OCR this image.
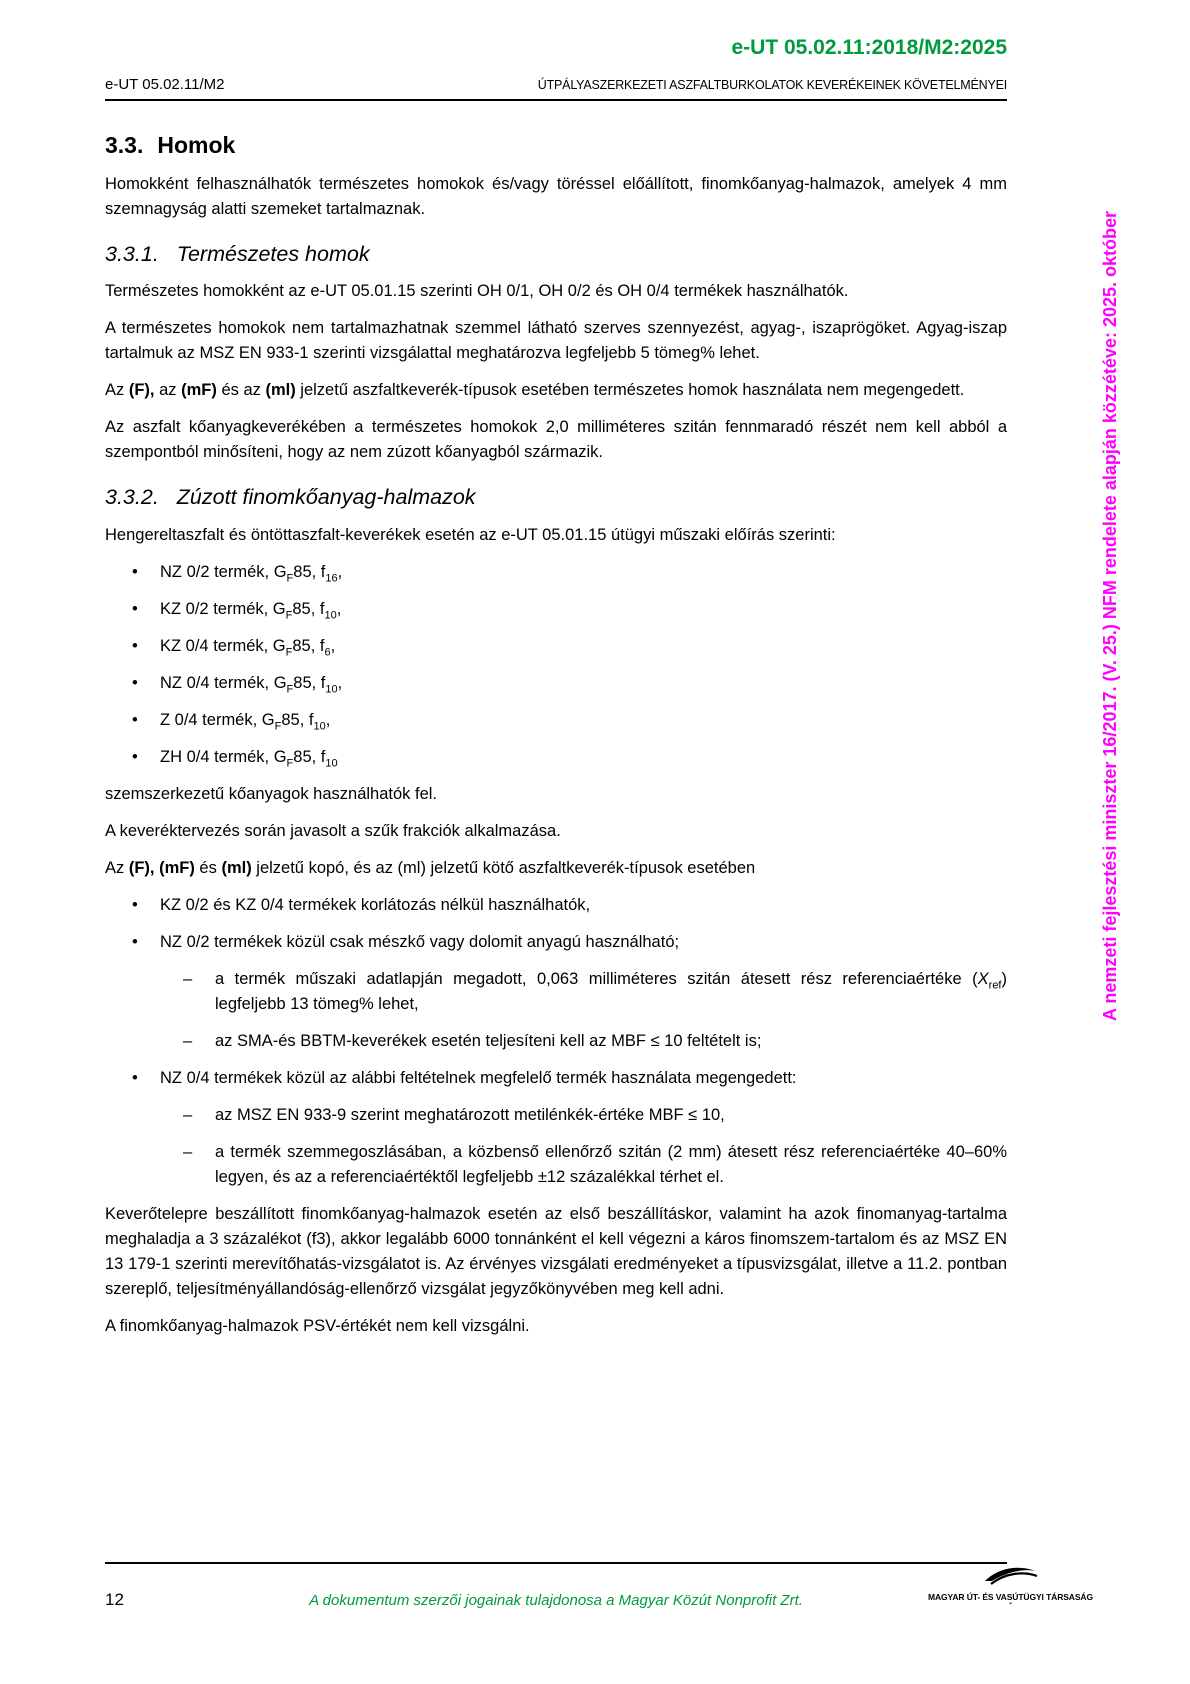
e-UT 05.02.11:2018/M2:2025
e-UT 05.02.11/M2	ÚTPÁLYASZERKEZETI ASZFALTBURKOLATOK KEVERÉKEINEK KÖVETELMÉNYEI
3.3. Homok

Homokként felhasználhatók természetes homokok és/vagy töréssel előállított, finomkőanyag-halmazok, amelyek 4 mm szemnagyság alatti szemeket tartalmaznak.

3.3.1. Természetes homok

Természetes homokként az e-UT 05.01.15 szerinti OH 0/1, OH 0/2 és OH 0/4 termékek használhatók.

A természetes homokok nem tartalmazhatnak szemmel látható szerves szennyezést, agyag-, iszaprögöket. Agyag-iszap tartalmuk az MSZ EN 933-1 szerinti vizsgálattal meghatározva legfeljebb 5 tömeg% lehet.

Az (F), az (mF) és az (ml) jelzetű aszfaltkeverék-típusok esetében természetes homok használata nem megengedett.

Az aszfalt kőanyagkeverékében a természetes homokok 2,0 milliméteres szitán fennmaradó részét nem kell abból a szempontból minősíteni, hogy az nem zúzott kőanyagból származik.

3.3.2. Zúzott finomkőanyag-halmazok

Hengereltaszfalt és öntöttaszfalt-keverékek esetén az e-UT 05.01.15 útügyi műszaki előírás szerinti:

•	NZ 0/2 termék, $G_F85$, $f_{16}$,
•	KZ 0/2 termék, $G_F85$, $f_{10}$,
•	KZ 0/4 termék, $G_F85$, $f_6$,
•	NZ 0/4 termék, $G_F85$, $f_{10}$,
•	Z 0/4 termék, $G_F85$, $f_{10}$,
•	ZH 0/4 termék, $G_F85$, $f_{10}$

szemszerkezetű kőanyagok használhatók fel.

A keveréktervezés során javasolt a szűk frakciók alkalmazása.

Az (F), (mF) és (ml) jelzetű kopó, és az (ml) jelzetű kötő aszfaltkeverék-típusok esetében

•	KZ 0/2 és KZ 0/4 termékek korlátozás nélkül használhatók,
•	NZ 0/2 termékek közül csak mészkő vagy dolomit anyagú használható;
–	a termék műszaki adatlapján megadott, 0,063 milliméteres szitán átesett rész referenciaértéke $(X_{ref})$ legfeljebb 13 tömeg% lehet,
–	az SMA-és BBTM-keverékek esetén teljesíteni kell az MBF ≤ 10 feltételt is;
•	NZ 0/4 termékek közül az alábbi feltételnek megfelelő termék használata megengedett:
–	az MSZ EN 933-9 szerint meghatározott metilénkék-értéke MBF ≤ 10,
–	a termék szemmegoszlásában, a közbenső ellenőrző szitán (2 mm) átesett rész referenciaértéke 40–60% legyen, és az a referenciaértéktől legfeljebb ±12 százalékkal térhet el.

Keverőtelepre beszállított finomkőanyag-halmazok esetén az első beszállításkor, valamint ha azok finomanyag-tartalma meghaladja a 3 százalékot (f3), akkor legalább 6000 tonnánként el kell végezni a káros finomszem-tartalom és az MSZ EN 13 179-1 szerinti merevítőhatás-vizsgálatot is. Az érvényes vizsgálati eredményeket a típusvizsgálat, illetve a 11.2. pontban szereplő, teljesítményállandóság-ellenőrző vizsgálat jegyzőkönyvében meg kell adni.

A finomkőanyag-halmazok PSV-értékét nem kell vizsgálni.

A nemzeti fejlesztési miniszter 16/2017. (V. 25.) NFM rendelete alapján közzétéve: 2025. október
12	A dokumentum szerzői jogainak tulajdonosa a Magyar Közút Nonprofit Zrt.	MAGYAR ÚT- ÉS VASÚTÜGYI TÁRSASÁG
ˇ
